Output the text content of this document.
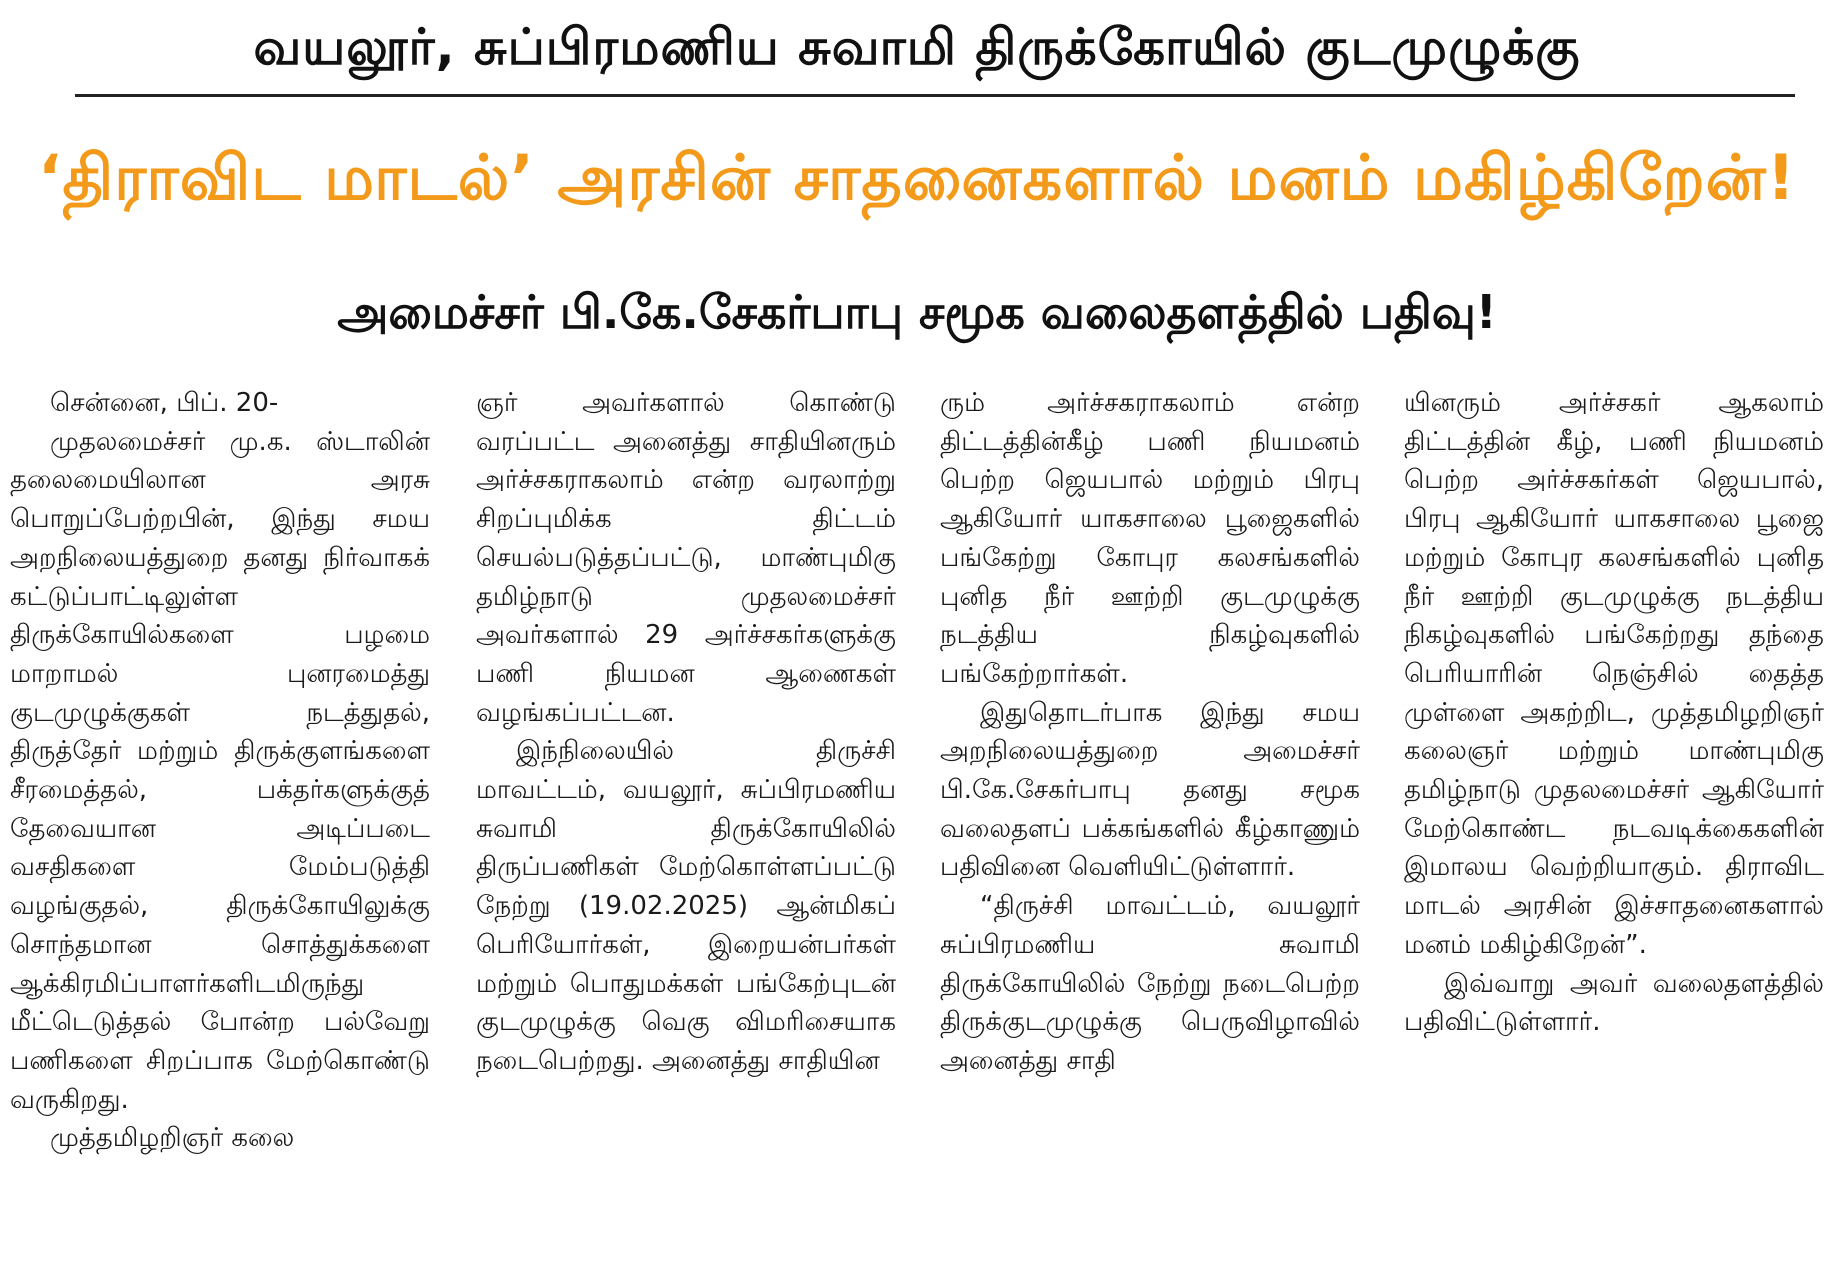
வயலூர், சுப்பிரமணிய சுவாமி திருக்கோயில் குடமுழுக்கு
‘திராவிட மாடல்’ அரசின் சாதனைகளால் மனம் மகிழ்கிறேன்!
அமைச்சர் பி.கே.சேகர்பாபு சமூக வலைதளத்தில் பதிவு!

சென்னை, பிப். 20-

முதலமைச்சர் மு.க. ஸ்டாலின் தலைமையிலான அரசு பொறுப்பேற்றபின், இந்து சமய அறநிலையத்துறை தனது நிர்வாகக் கட்டுப்பாட்டிலுள்ள திருக்கோயில்களை பழமை மாறாமல் புனரமைத்து குடமுழுக்குகள் நடத்துதல், திருத்தேர் மற்றும் திருக்குளங்களை சீரமைத்தல், பக்தர்களுக்குத் தேவையான அடிப்படை வசதிகளை மேம்படுத்தி வழங்குதல், திருக்கோயிலுக்கு சொந்தமான சொத்துக்களை ஆக்கிரமிப்பாளர்களிடமிருந்து மீட்டெடுத்தல் போன்ற பல்வேறு பணிகளை சிறப்பாக மேற்கொண்டு வருகிறது.

முத்தமிழறிஞர் கலை

ஞர் அவர்களால் கொண்டு வரப்பட்ட அனைத்து சாதியினரும் அர்ச்சகராகலாம் என்ற வரலாற்று சிறப்புமிக்க திட்டம் செயல்படுத்தப்பட்டு, மாண்புமிகு தமிழ்நாடு முதலமைச்சர் அவர்களால் 29 அர்ச்சகர்களுக்கு பணி நியமன ஆணைகள் வழங்கப்பட்டன.

இந்நிலையில் திருச்சி மாவட்டம், வயலூர், சுப்பிரமணிய சுவாமி திருக்கோயிலில் திருப்பணிகள் மேற்கொள்ளப்பட்டு நேற்று (19.02.2025) ஆன்மிகப் பெரியோர்கள், இறையன்பர்கள் மற்றும் பொதுமக்கள் பங்கேற்புடன் குடமுழுக்கு வெகு விமரிசையாக நடைபெற்றது. அனைத்து சாதியின

ரும் அர்ச்சகராகலாம் என்ற திட்டத்தின்கீழ் பணி நியமனம் பெற்ற ஜெயபால் மற்றும் பிரபு ஆகியோர் யாகசாலை பூஜைகளில் பங்கேற்று கோபுர கலசங்களில் புனித நீர் ஊற்றி குடமுழுக்கு நடத்திய நிகழ்வுகளில் பங்கேற்றார்கள்.

இதுதொடர்பாக இந்து சமய அறநிலையத்துறை அமைச்சர் பி.கே.சேகர்பாபு தனது சமூக வலைதளப் பக்கங்களில் கீழ்காணும் பதிவினை வெளியிட்டுள்ளார்.

“திருச்சி மாவட்டம், வயலூர் சுப்பிரமணிய சுவாமி திருக்கோயிலில் நேற்று நடைபெற்ற திருக்குடமுழுக்கு பெருவிழாவில் அனைத்து சாதி

யினரும் அர்ச்சகர் ஆகலாம் திட்டத்தின் கீழ், பணி நியமனம் பெற்ற அர்ச்சகர்கள் ஜெயபால், பிரபு ஆகியோர் யாகசாலை பூஜை மற்றும் கோபுர கலசங்களில் புனித நீர் ஊற்றி குடமுழுக்கு நடத்திய நிகழ்வுகளில் பங்கேற்றது தந்தை பெரியாரின் நெஞ்சில் தைத்த முள்ளை அகற்றிட, முத்தமிழறிஞர் கலைஞர் மற்றும் மாண்புமிகு தமிழ்நாடு முதலமைச்சர் ஆகியோர் மேற்கொண்ட நடவடிக்கைகளின் இமாலய வெற்றியாகும். திராவிட மாடல் அரசின் இச்சாதனைகளால் மனம் மகிழ்கிறேன்”.

இவ்வாறு அவர் வலைதளத்தில் பதிவிட்டுள்ளார்.
